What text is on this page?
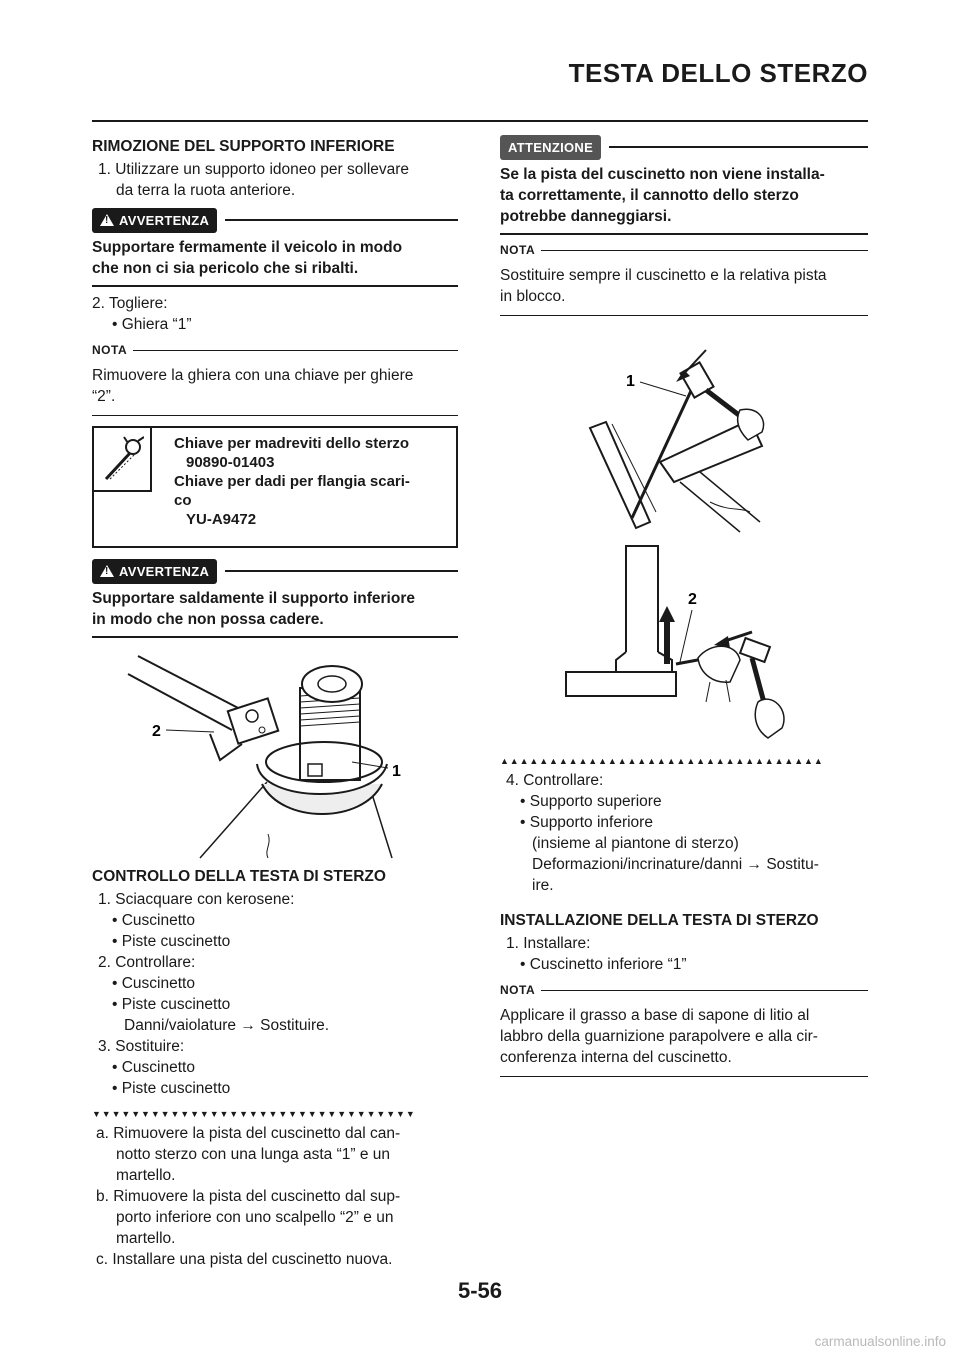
TESTA DELLO STERZO
RIMOZIONE DEL SUPPORTO INFERIORE
1. Utilizzare un supporto idoneo per sollevare
da terra la ruota anteriore.
!
AVVERTENZA
Supportare fermamente il veicolo in modo
che non ci sia pericolo che si ribalti.
2. Togliere:
• Ghiera “1”
NOTA
Rimuovere la ghiera con una chiave per ghiere
“2”.
Chiave per madreviti dello sterzo
90890-01403
Chiave per dadi per flangia scari-
co
YU-A9472
!
AVVERTENZA
Supportare saldamente il supporto inferiore
in modo che non possa cadere.
2
1
CONTROLLO DELLA TESTA DI STERZO
1. Sciacquare con kerosene:
• Cuscinetto
• Piste cuscinetto
2. Controllare:
• Cuscinetto
• Piste cuscinetto
Danni/vaiolature → Sostituire.
3. Sostituire:
• Cuscinetto
• Piste cuscinetto
▼▼▼▼▼▼▼▼▼▼▼▼▼▼▼▼▼▼▼▼▼▼▼▼▼▼▼▼▼▼▼▼▼
a. Rimuovere la pista del cuscinetto dal can-
notto sterzo con una lunga asta “1” e un
martello.
b. Rimuovere la pista del cuscinetto dal sup-
porto inferiore con uno scalpello “2” e un
martello.
c. Installare una pista del cuscinetto nuova.
ATTENZIONE
Se la pista del cuscinetto non viene installa-
ta correttamente, il cannotto dello sterzo
potrebbe danneggiarsi.
NOTA
Sostituire sempre il cuscinetto e la relativa pista
in blocco.
1
2
▲▲▲▲▲▲▲▲▲▲▲▲▲▲▲▲▲▲▲▲▲▲▲▲▲▲▲▲▲▲▲▲▲
4. Controllare:
• Supporto superiore
• Supporto inferiore
(insieme al piantone di sterzo)
Deformazioni/incrinature/danni → Sostitu-
ire.
INSTALLAZIONE DELLA TESTA DI STERZO
1. Installare:
• Cuscinetto inferiore “1”
NOTA
Applicare il grasso a base di sapone di litio al
labbro della guarnizione parapolvere e alla cir-
conferenza interna del cuscinetto.
5-56
carmanualsonline.info
